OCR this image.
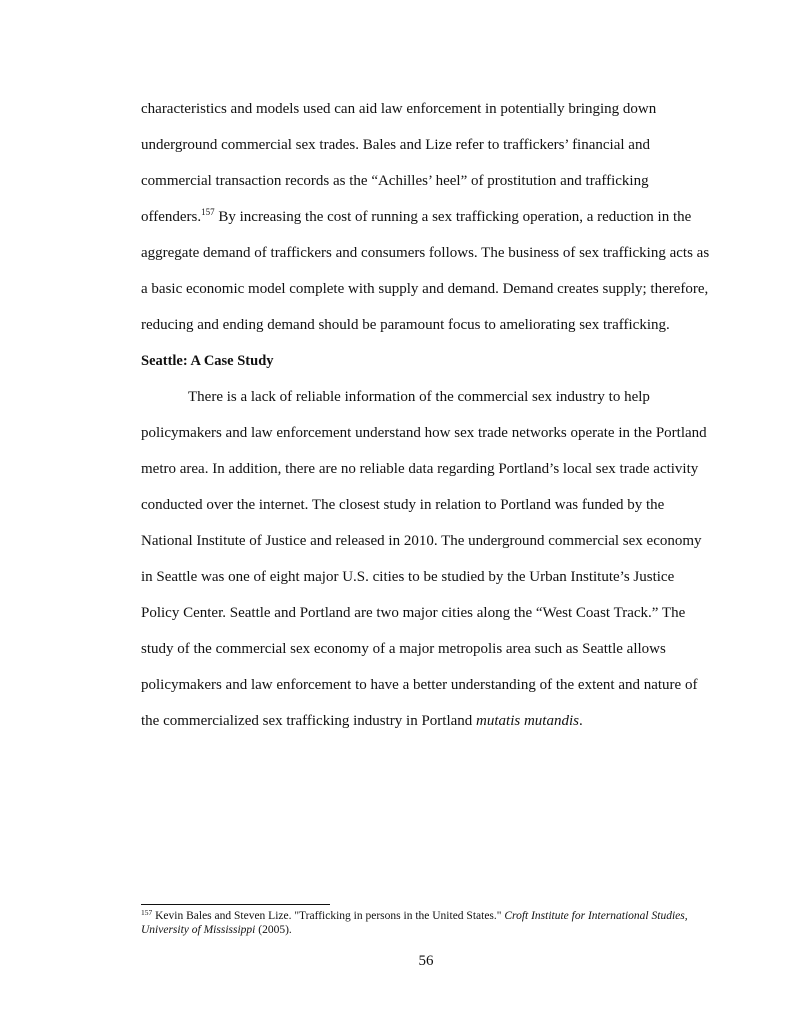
characteristics and models used can aid law enforcement in potentially bringing down underground commercial sex trades. Bales and Lize refer to traffickers’ financial and commercial transaction records as the “Achilles’ heel” of prostitution and trafficking offenders.$^{157}$ By increasing the cost of running a sex trafficking operation, a reduction in the aggregate demand of traffickers and consumers follows. The business of sex trafficking acts as a basic economic model complete with supply and demand. Demand creates supply; therefore, reducing and ending demand should be paramount focus to ameliorating sex trafficking.

Seattle: A Case Study

There is a lack of reliable information of the commercial sex industry to help policymakers and law enforcement understand how sex trade networks operate in the Portland metro area. In addition, there are no reliable data regarding Portland’s local sex trade activity conducted over the internet. The closest study in relation to Portland was funded by the National Institute of Justice and released in 2010. The underground commercial sex economy in Seattle was one of eight major U.S. cities to be studied by the Urban Institute’s Justice Policy Center. Seattle and Portland are two major cities along the “West Coast Track.” The study of the commercial sex economy of a major metropolis area such as Seattle allows policymakers and law enforcement to have a better understanding of the extent and nature of the commercialized sex trafficking industry in Portland mutatis mutandis.

$^{157}$ Kevin Bales and Steven Lize. "Trafficking in persons in the United States." Croft Institute for International Studies, University of Mississippi (2005).
56
